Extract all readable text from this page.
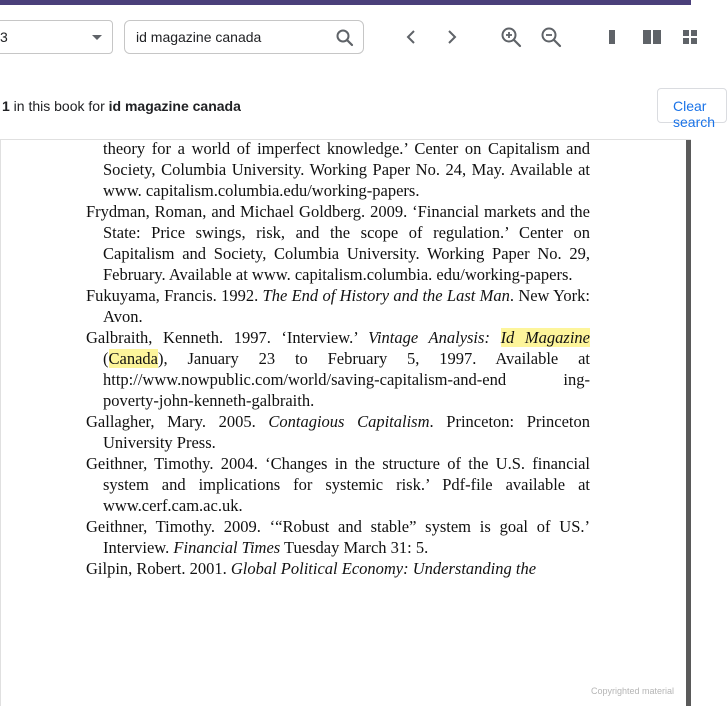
3
id magazine canada
1 in this book for id magazine canada	Clear search

theory for a world of imperfect knowledge.’ Center on Capitalism and Society, Columbia University. Working Paper No. 24, May. Available at www. capitalism.columbia.edu/working-papers.

Frydman, Roman, and Michael Goldberg. 2009. ‘Financial markets and the State: Price swings, risk, and the scope of regulation.’ Center on Capitalism and Society, Columbia University. Working Paper No. 29, February. Available at www. capitalism.columbia. edu/working-papers.

Fukuyama, Francis. 1992. The End of History and the Last Man. New York: Avon.

Galbraith, Kenneth. 1997. ‘Interview.’ Vintage Analysis: Id Magazine (Canada), January 23 to February 5, 1997. Available at http://www.nowpublic.com/world/saving-capitalism-and-end ing-poverty-john-kenneth-galbraith.

Gallagher, Mary. 2005. Contagious Capitalism. Princeton: Princeton University Press.

Geithner, Timothy. 2004. ‘Changes in the structure of the U.S. financial system and implications for systemic risk.’ Pdf-file available at www.cerf.cam.ac.uk.

Geithner, Timothy. 2009. ‘“Robust and stable” system is goal of US.’ Interview. Financial Times Tuesday March 31: 5.

Gilpin, Robert. 2001. Global Political Economy: Understanding the

Copyrighted material
